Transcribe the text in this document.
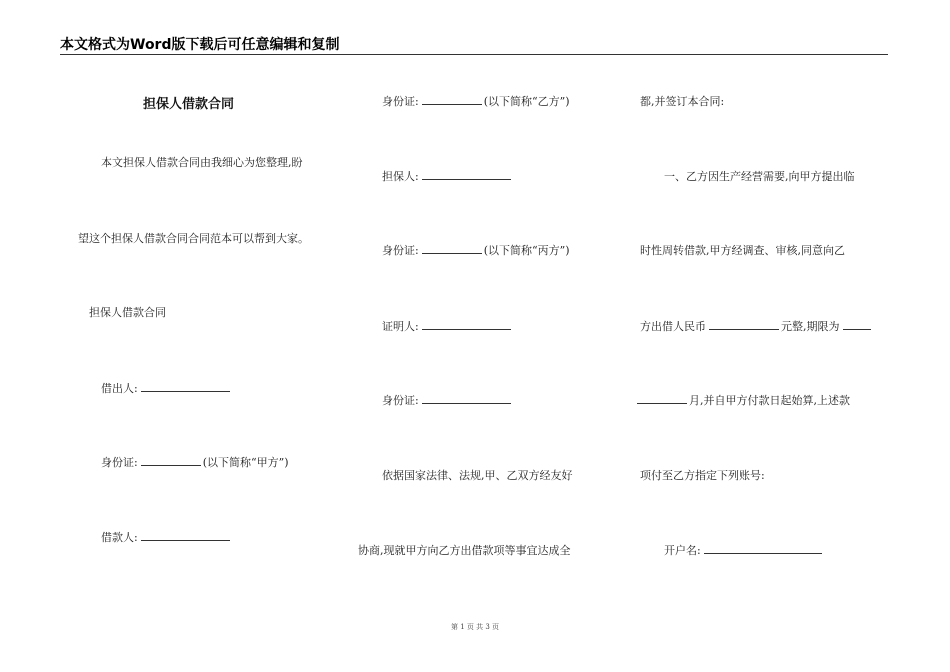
本文格式为Word版下载后可任意编辑和复制
担保人借款合同
本文担保人借款合同由我细心为您整理,盼
望这个担保人借款合同合同范本可以帮到大家。
担保人借款合同
借出人:
身份证:	(以下简称“甲方”)
借款人:
身份证:	(以下简称“乙方”)
担保人:
身份证:	(以下简称“丙方”)
证明人:
身份证:
依据国家法律、法规,甲、乙双方经友好
协商,现就甲方向乙方出借款项等事宜达成全
都,并签订本合同:
一、乙方因生产经营需要,向甲方提出临
时性周转借款,甲方经调查、审核,同意向乙
方出借人民币	元整,期限为
月,并自甲方付款日起始算,上述款
项付至乙方指定下列账号:
开户名:
第 1 页 共 3 页
